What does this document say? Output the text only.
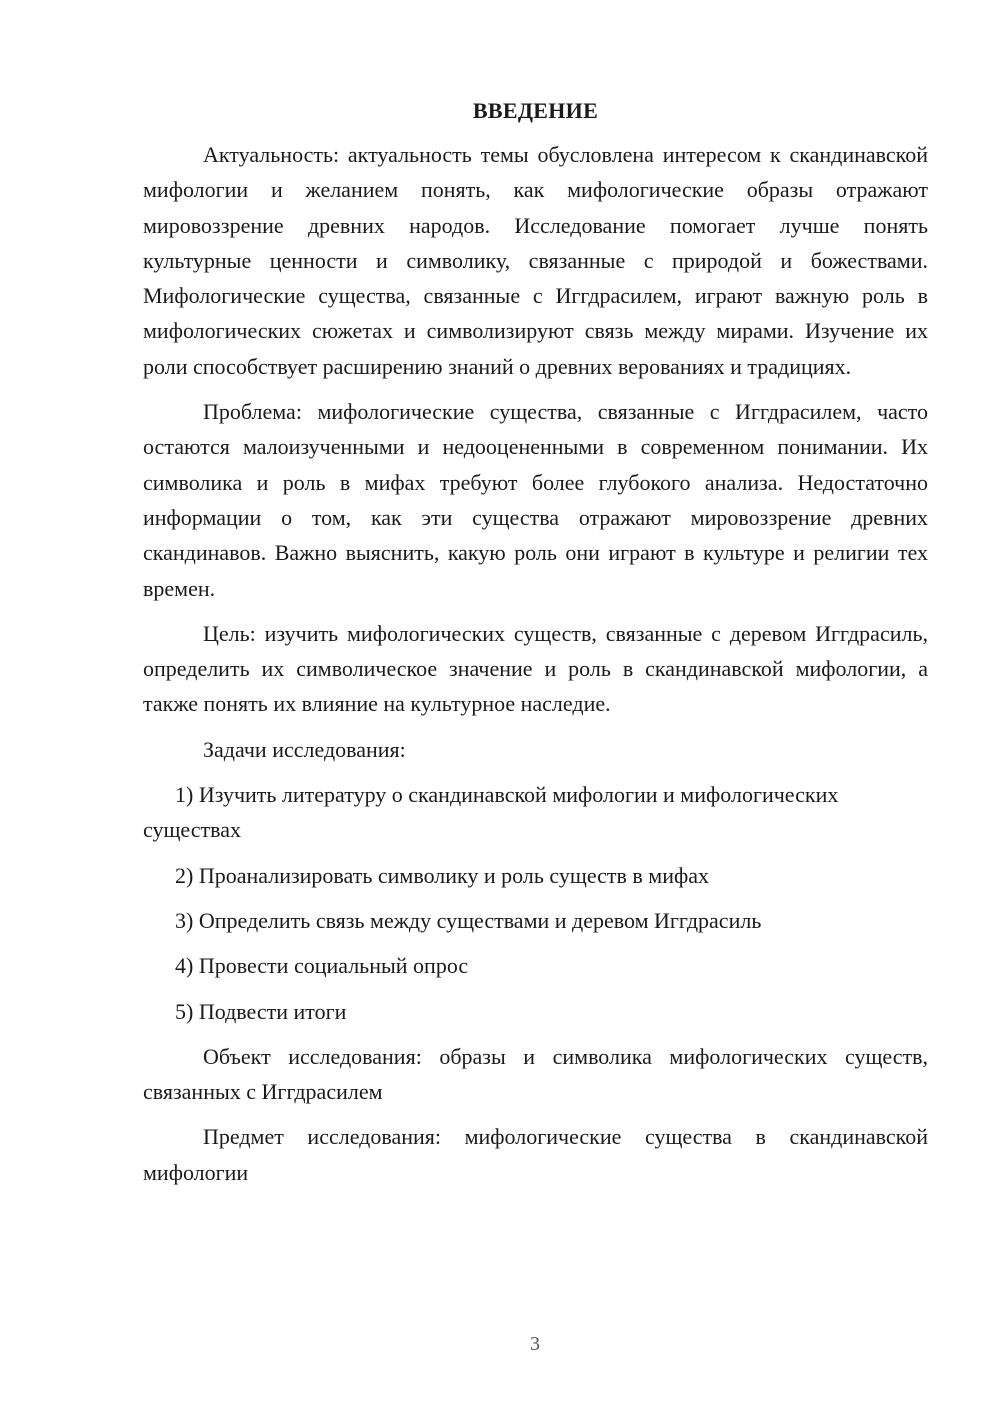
ВВЕДЕНИЕ

Актуальность: актуальность темы обусловлена интересом к скандинавской мифологии и желанием понять, как мифологические образы отражают мировоззрение древних народов. Исследование помогает лучше понять культурные ценности и символику, связанные с природой и божествами. Мифологические существа, связанные с Иггдрасилем, играют важную роль в мифологических сюжетах и символизируют связь между мирами. Изучение их роли способствует расширению знаний о древних верованиях и традициях.

Проблема: мифологические существа, связанные с Иггдрасилем, часто остаются малоизученными и недооцененными в современном понимании. Их символика и роль в мифах требуют более глубокого анализа. Недостаточно информации о том, как эти существа отражают мировоззрение древних скандинавов. Важно выяснить, какую роль они играют в культуре и религии тех времен.

Цель: изучить мифологических существ, связанные с деревом Иггдрасиль, определить их символическое значение и роль в скандинавской мифологии, а также понять их влияние на культурное наследие.

Задачи исследования:

1) Изучить литературу о скандинавской мифологии и мифологических существах

2) Проанализировать символику и роль существ в мифах

3) Определить связь между существами и деревом Иггдрасиль

4) Провести социальный опрос

5) Подвести итоги

Объект исследования: образы и символика мифологических существ, связанных с Иггдрасилем

Предмет исследования: мифологические существа в скандинавской мифологии

3
